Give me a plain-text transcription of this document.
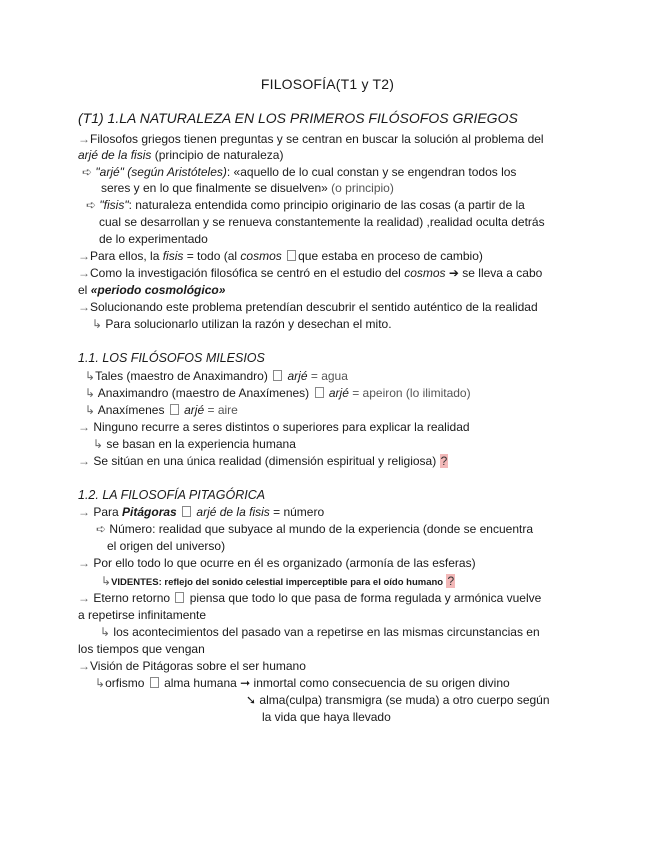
FILOSOFÍA(T1 y T2)
(T1) 1.LA NATURALEZA EN LOS PRIMEROS FILÓSOFOS GRIEGOS
→Filosofos griegos tienen preguntas y se centran en buscar la solución al problema del
arjé de la fisis (principio de naturaleza)
➪ "arjé" (según Aristóteles): «aquello de lo cual constan y se engendran todos los
seres y en lo que finalmente se disuelven» (o principio)
➪ "fisis": naturaleza entendida como principio originario de las cosas (a partir de la
cual se desarrollan y se renueva constantemente la realidad) ,realidad oculta detrás
de lo experimentado
→Para ellos, la fisis = todo (al cosmos que estaba en proceso de cambio)
→Como la investigación filosófica se centró en el estudio del cosmos ➔ se lleva a cabo
el «periodo cosmológico»
→Solucionando este problema pretendían descubrir el sentido auténtico de la realidad
↳ Para solucionarlo utilizan la razón y desechan el mito.
1.1. LOS FILÓSOFOS MILESIOS
↳Tales (maestro de Anaximandro) arjé = agua
↳ Anaximandro (maestro de Anaxímenes) arjé = apeiron (lo ilimitado)
↳ Anaxímenes arjé = aire
→ Ninguno recurre a seres distintos o superiores para explicar la realidad
↳ se basan en la experiencia humana
→ Se sitúan en una única realidad (dimensión espiritual y religiosa) ?
1.2. LA FILOSOFÍA PITAGÓRICA
→ Para Pitágoras arjé de la fisis = número
➪ Número: realidad que subyace al mundo de la experiencia (donde se encuentra
el origen del universo)
→ Por ello todo lo que ocurre en él es organizado (armonía de las esferas)
↳VIDENTES: reflejo del sonido celestial imperceptible para el oído humano ?
→ Eterno retorno  piensa que todo lo que pasa de forma regulada y armónica vuelve
a repetirse infinitamente
↳ los acontecimientos del pasado van a repetirse en las mismas circunstancias en
los tiempos que vengan
→Visión de Pitágoras sobre el ser humano
↳orfismo  alma humana ➞ inmortal como consecuencia de su origen divino
➘ alma(culpa) transmigra (se muda) a otro cuerpo según
la vida que haya llevado
